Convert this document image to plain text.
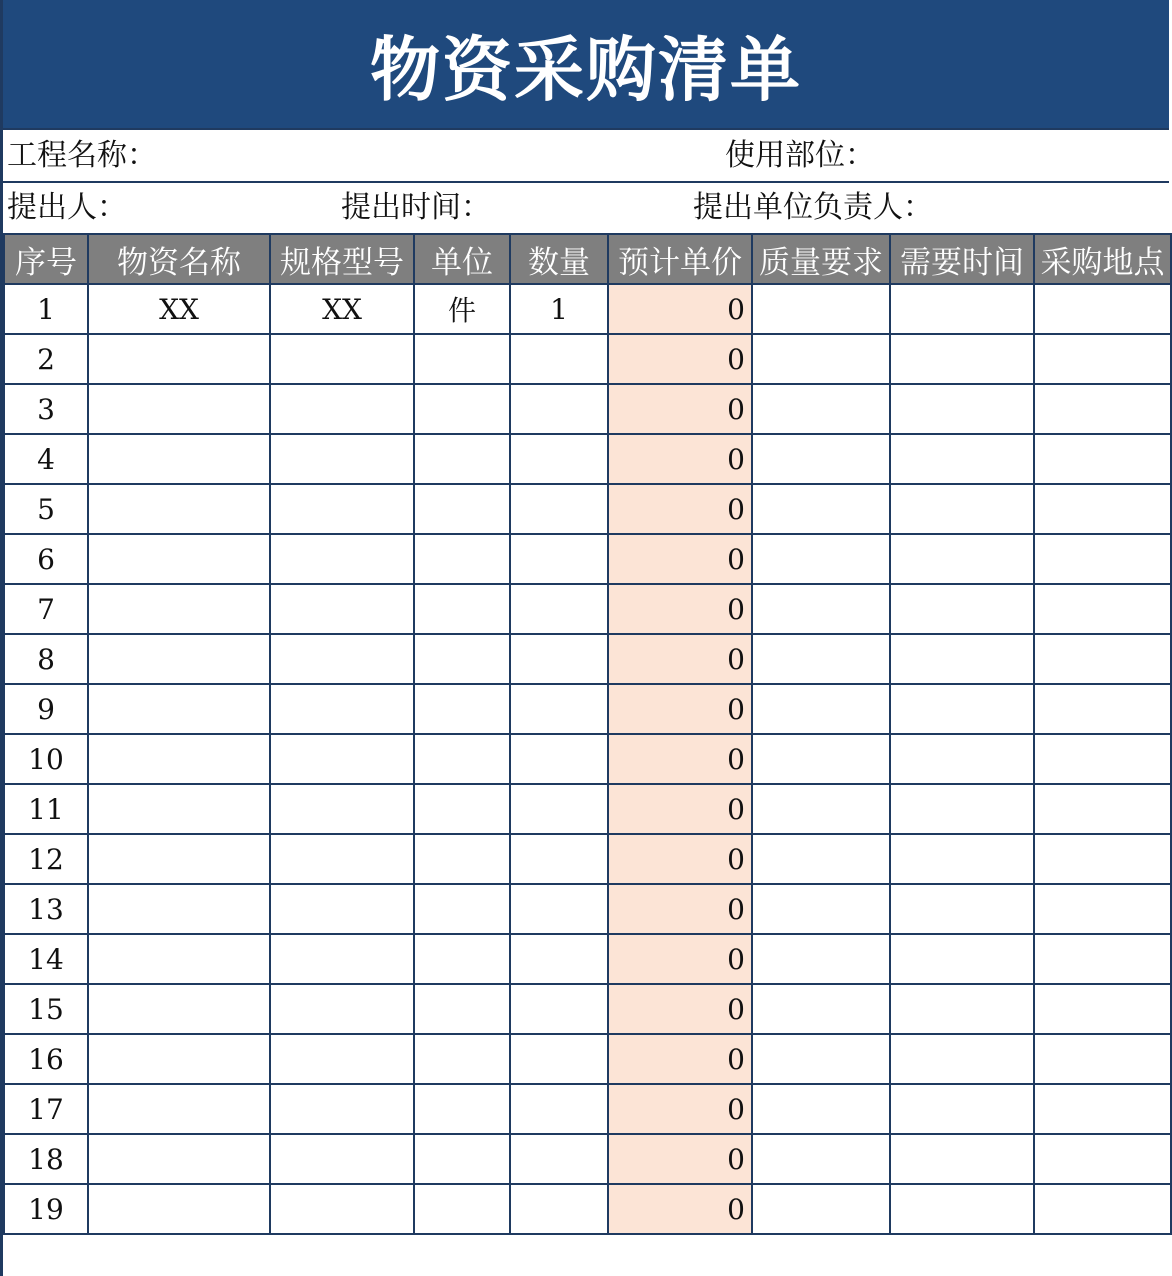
物资采购清单
工程名称：	使用部位：
提出人：	提出时间：	提出单位负责人：
序号	物资名称	规格型号	单位	数量	预计单价	质量要求	需要时间	采购地点
1	XX	XX	件	1	0			
2					0			
3					0			
4					0			
5					0			
6					0			
7					0			
8					0			
9					0			
10					0			
11					0			
12					0			
13					0			
14					0			
15					0			
16					0			
17					0			
18					0			
19					0			
